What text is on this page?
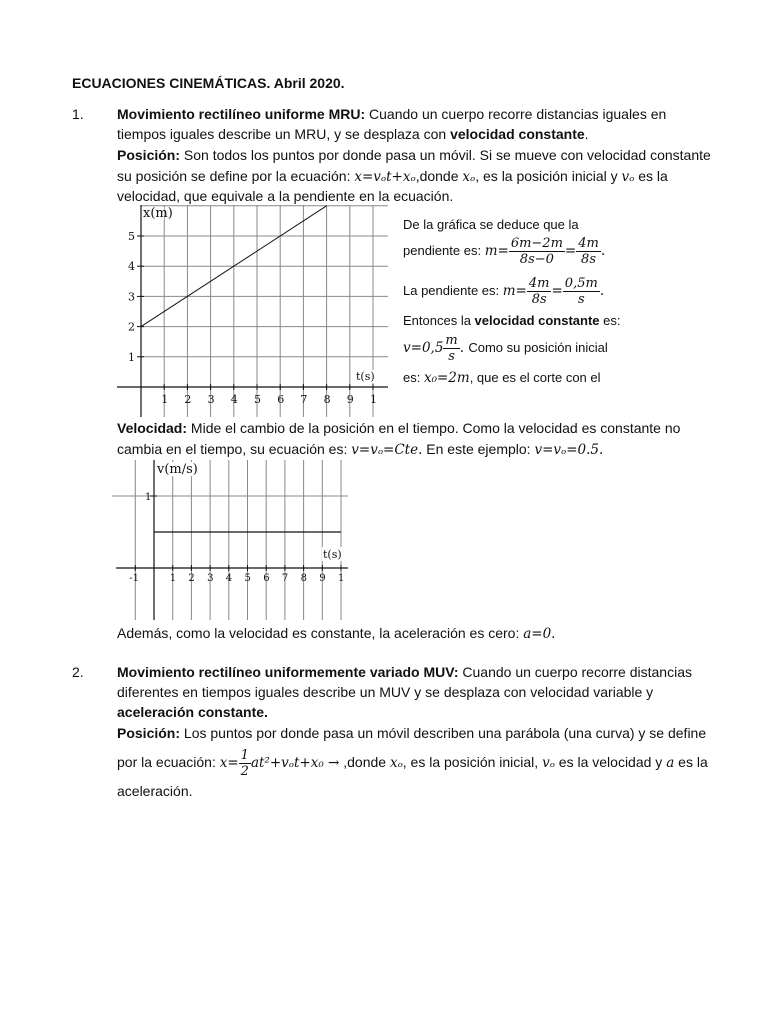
ECUACIONES CINEMÁTICAS. Abril 2020.
1. Movimiento rectilíneo uniforme MRU: Cuando un cuerpo recorre distancias iguales en
tiempos iguales describe un MRU, y se desplaza con velocidad constante.
Posición: Son todos los puntos por donde pasa un móvil. Si se mueve con velocidad constante
su posición se define por la ecuación: x=vₒt+xₒ,donde xₒ, es la posición inicial y vₒ es la
velocidad, que equivale a la pendiente en la ecuación.
1 2 3 4 5 6 7 8 9 1
1
2
3
4
5
x(m)
t(s)
De la gráfica se deduce que la
pendiente es: $m= \frac{6m-2m}{8s-0} = \frac{4m}{8s}$ .
La pendiente es: $m= \frac{4m}{8s} = \frac{0,5m}{s}$ .
Entonces la velocidad constante es:
$v=0,5 \frac{m}{s}$ . Como su posición inicial
es: x₀=2m, que es el corte con el
Velocidad: Mide el cambio de la posición en el tiempo. Como la velocidad es constante no
cambia en el tiempo, su ecuación es: v=vₒ=Cte. En este ejemplo: v=vₒ=0.5.
-1	1 2 3 4 5 6 7 8 9 1
1
v(m/s)
t(s)
Además, como la velocidad es constante, la aceleración es cero: a=0.
2. Movimiento rectilíneo uniformemente variado MUV: Cuando un cuerpo recorre distancias
diferentes en tiempos iguales describe un MUV y se desplaza con velocidad variable y
aceleración constante.
Posición: Los puntos por donde pasa un móvil describen una parábola (una curva) y se define
por la ecuación: $x= \frac{1}{2} at^2+v_ot+x_0$ → ,donde xₒ, es la posición inicial, vₒ es la velocidad y a es la
aceleración.
